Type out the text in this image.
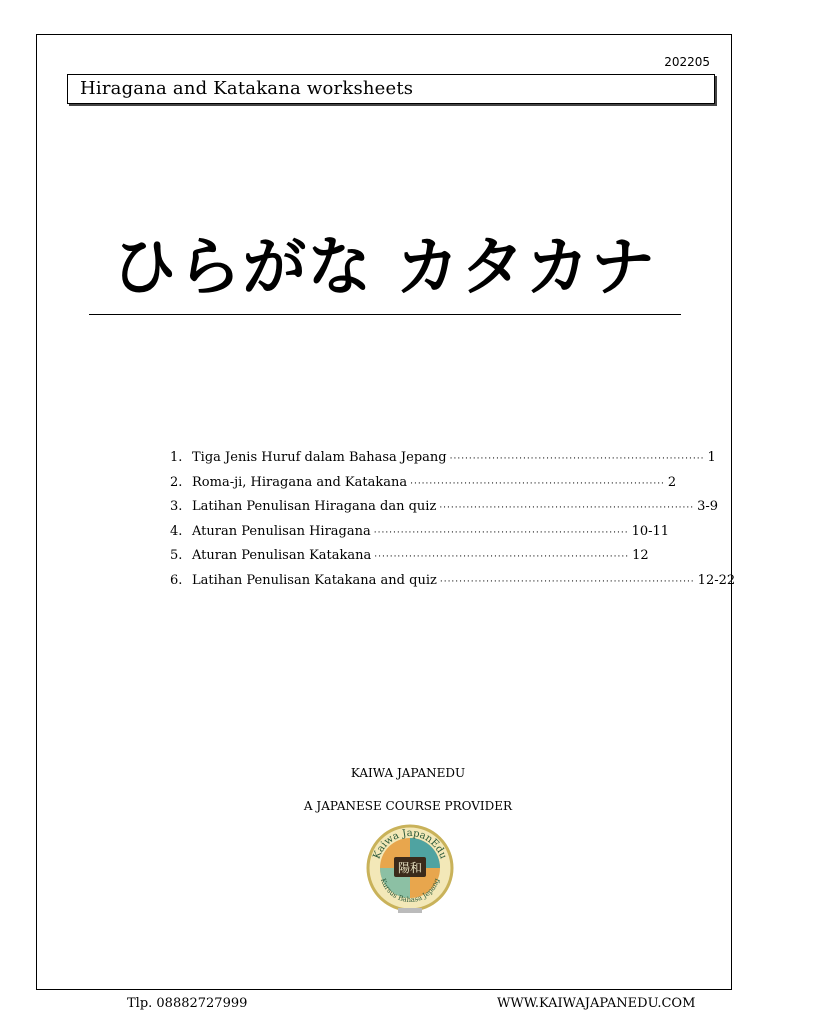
202205
Hiragana and Katakana worksheets
ひらがな カタカナ
1. Tiga Jenis Huruf dalam Bahasa Jepang ·································································· 1
2. Roma-ji, Hiragana and Katakana ·································································· 2
3. Latihan Penulisan Hiragana dan quiz ·································································· 3-9
4. Aturan Penulisan Hiragana ·································································· 10-11
5. Aturan Penulisan Katakana ·································································· 12
6. Latihan Penulisan Katakana and quiz ·································································· 12-22
KAIWA JAPANEDU
A JAPANESE COURSE PROVIDER
陽和
Kaiwa JapanEdu
Kursus Bahasa Jepang
Tlp. 08882727999	WWW.KAIWAJAPANEDU.COM
